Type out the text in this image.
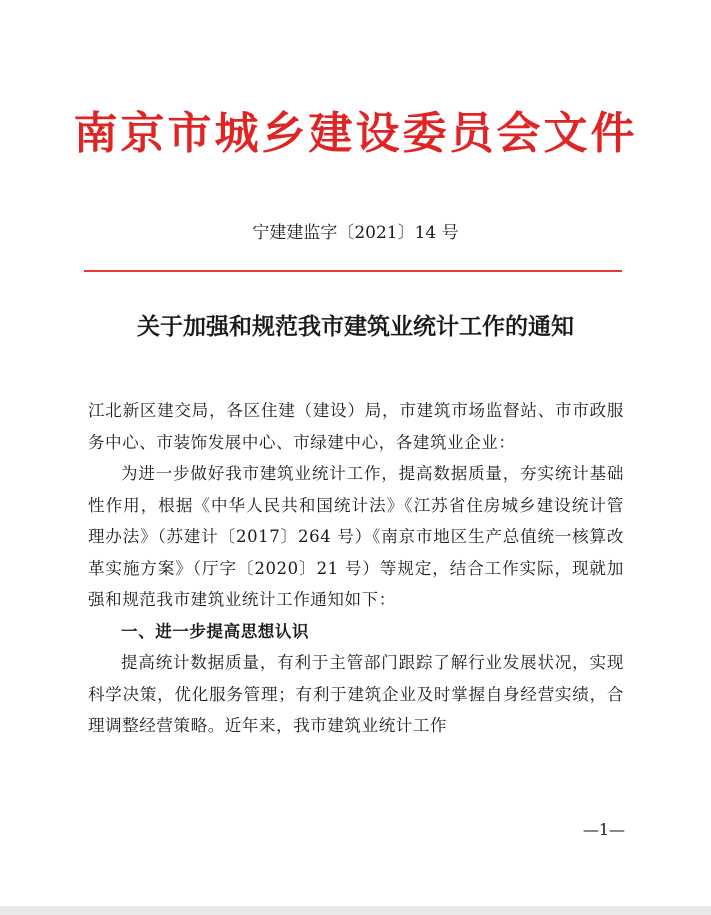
南京市城乡建设委员会文件
宁建建监字〔2021〕14 号
关于加强和规范我市建筑业统计工作的通知

江北新区建交局，各区住建（建设）局，市建筑市场监督站、市市政服务中心、市装饰发展中心、市绿建中心，各建筑业企业：

为进一步做好我市建筑业统计工作，提高数据质量，夯实统计基础性作用，根据《中华人民共和国统计法》《江苏省住房城乡建设统计管理办法》（苏建计〔2017〕264 号）《南京市地区生产总值统一核算改革实施方案》（厅字〔2020〕21 号）等规定，结合工作实际，现就加强和规范我市建筑业统计工作通知如下：

一、进一步提高思想认识

提高统计数据质量，有利于主管部门跟踪了解行业发展状况，实现科学决策，优化服务管理；有利于建筑企业及时掌握自身经营实绩，合理调整经营策略。近年来，我市建筑业统计工作

—1—
